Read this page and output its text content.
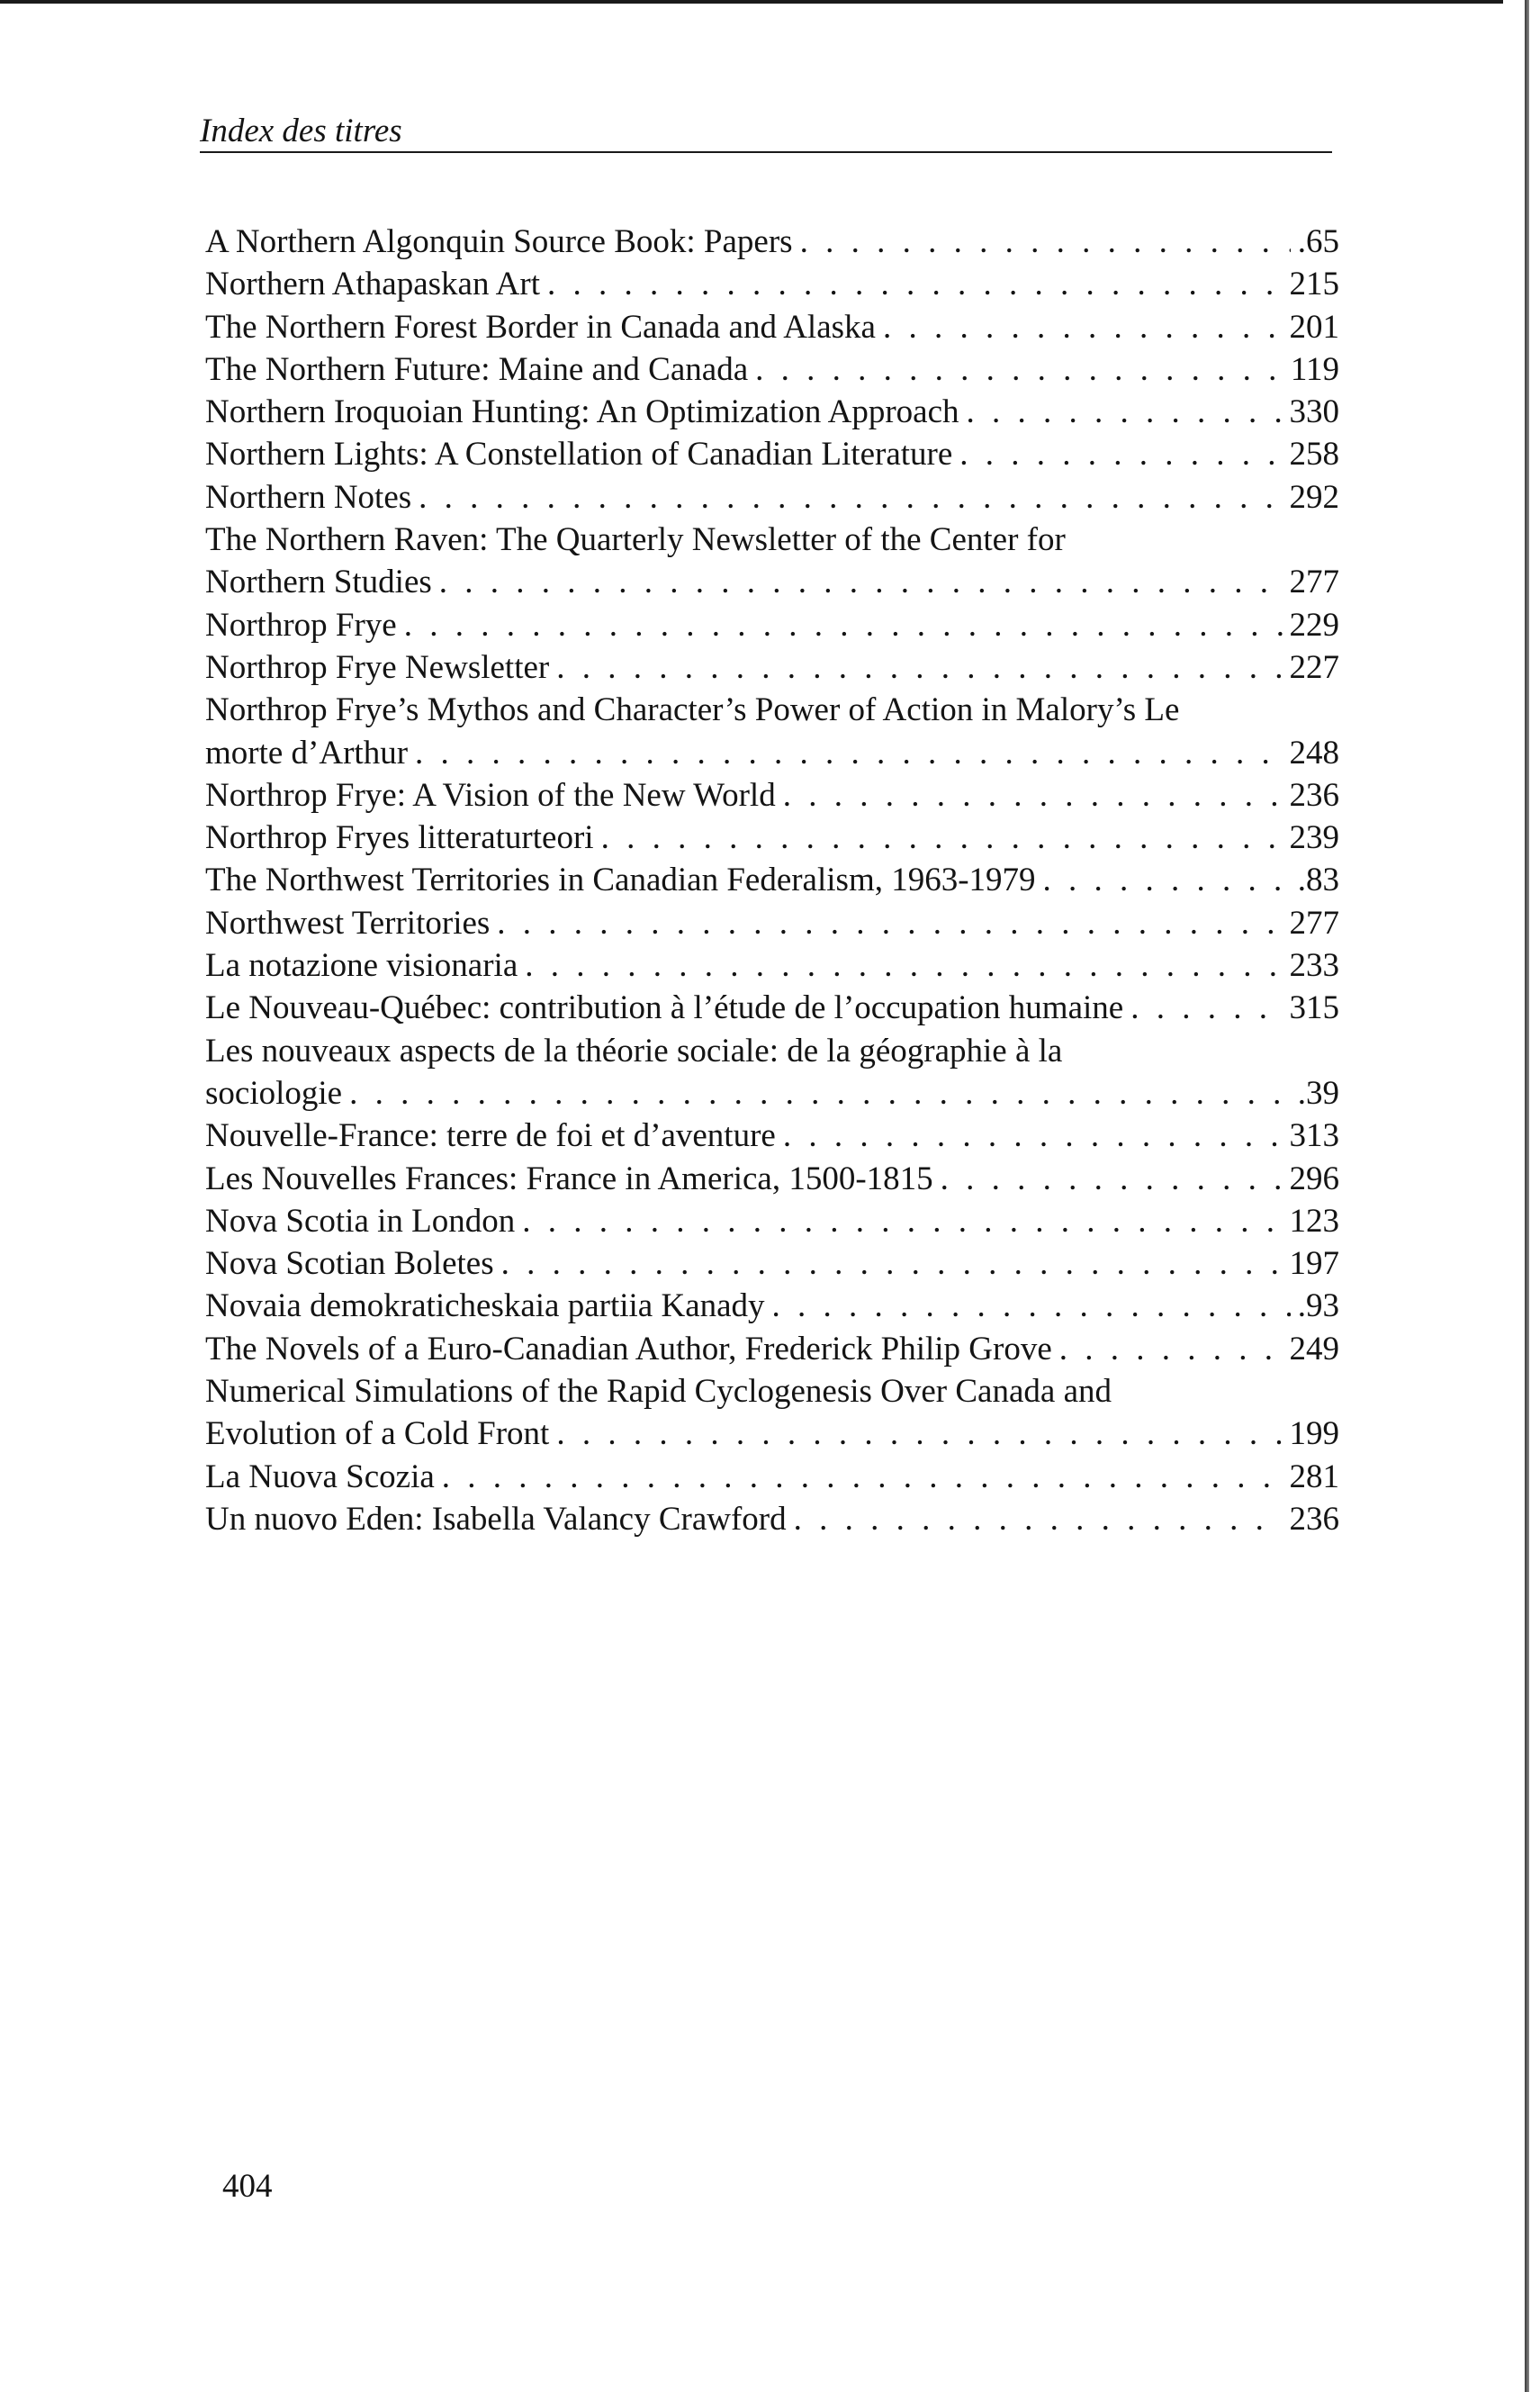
Index des titres
A Northern Algonquin Source Book: Papers . . .	.65
Northern Athapaskan Art . . .	215
The Northern Forest Border in Canada and Alaska . . .	201
The Northern Future: Maine and Canada . . .	119
Northern Iroquoian Hunting: An Optimization Approach . . .	330
Northern Lights: A Constellation of Canadian Literature . . .	258
Northern Notes . . .	292
The Northern Raven: The Quarterly Newsletter of the Center for
Northern Studies . . .	277
Northrop Frye . . .	229
Northrop Frye Newsletter . . .	227
Northrop Frye’s Mythos and Character’s Power of Action in Malory’s Le
morte d’Arthur . . .	248
Northrop Frye: A Vision of the New World . . .	236
Northrop Fryes litteraturteori . . .	239
The Northwest Territories in Canadian Federalism, 1963-1979 . . .	.83
Northwest Territories . . .	277
La notazione visionaria . . .	233
Le Nouveau-Québec: contribution à l’étude de l’occupation humaine . . .	315
Les nouveaux aspects de la théorie sociale: de la géographie à la
sociologie . . .	.39
Nouvelle-France: terre de foi et d’aventure . . .	313
Les Nouvelles Frances: France in America, 1500-1815 . . .	296
Nova Scotia in London . . .	123
Nova Scotian Boletes . . .	197
Novaia demokraticheskaia partiia Kanady . . .	.93
The Novels of a Euro-Canadian Author, Frederick Philip Grove . . .	249
Numerical Simulations of the Rapid Cyclogenesis Over Canada and
Evolution of a Cold Front . . .	199
La Nuova Scozia . . .	281
Un nuovo Eden: Isabella Valancy Crawford . . .	236
404
